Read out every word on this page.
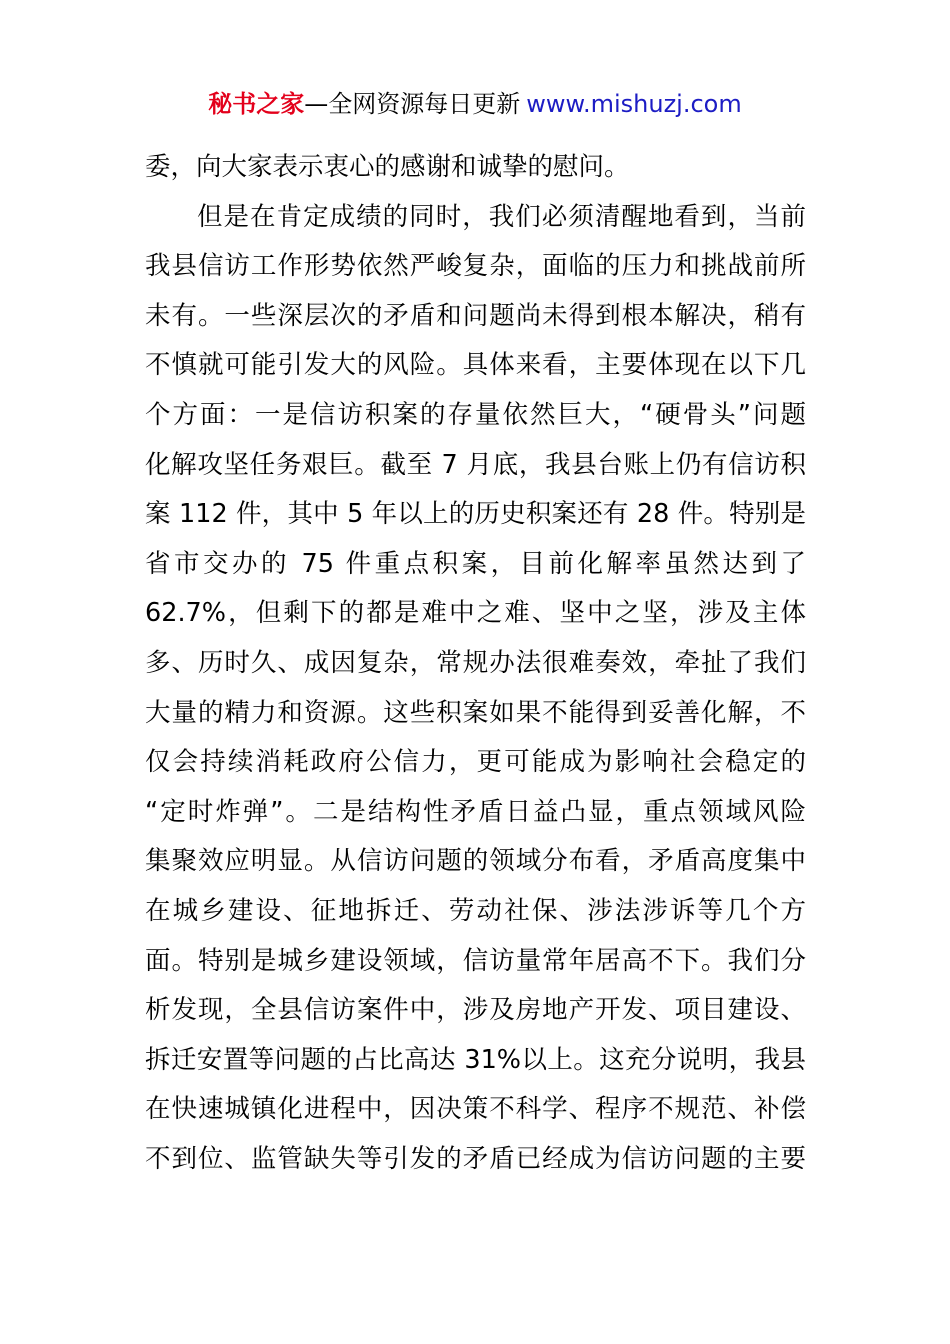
秘书之家—全网资源每日更新 www.mishuzj.com
委，向大家表示衷心的感谢和诚挚的慰问。
但是在肯定成绩的同时，我们必须清醒地看到，当前
我县信访工作形势依然严峻复杂，面临的压力和挑战前所
未有。一些深层次的矛盾和问题尚未得到根本解决，稍有
不慎就可能引发大的风险。具体来看，主要体现在以下几
个方面：一是信访积案的存量依然巨大，“硬骨头”问题
化解攻坚任务艰巨。截至 7 月底，我县台账上仍有信访积
案 112 件，其中 5 年以上的历史积案还有 28 件。特别是
省市交办的 75 件重点积案，目前化解率虽然达到了
62.7%，但剩下的都是难中之难、坚中之坚，涉及主体
多、历时久、成因复杂，常规办法很难奏效，牵扯了我们
大量的精力和资源。这些积案如果不能得到妥善化解，不
仅会持续消耗政府公信力，更可能成为影响社会稳定的
“定时炸弹”。二是结构性矛盾日益凸显，重点领域风险
集聚效应明显。从信访问题的领域分布看，矛盾高度集中
在城乡建设、征地拆迁、劳动社保、涉法涉诉等几个方
面。特别是城乡建设领域，信访量常年居高不下。我们分
析发现，全县信访案件中，涉及房地产开发、项目建设、
拆迁安置等问题的占比高达 31%以上。这充分说明，我县
在快速城镇化进程中，因决策不科学、程序不规范、补偿
不到位、监管缺失等引发的矛盾已经成为信访问题的主要
